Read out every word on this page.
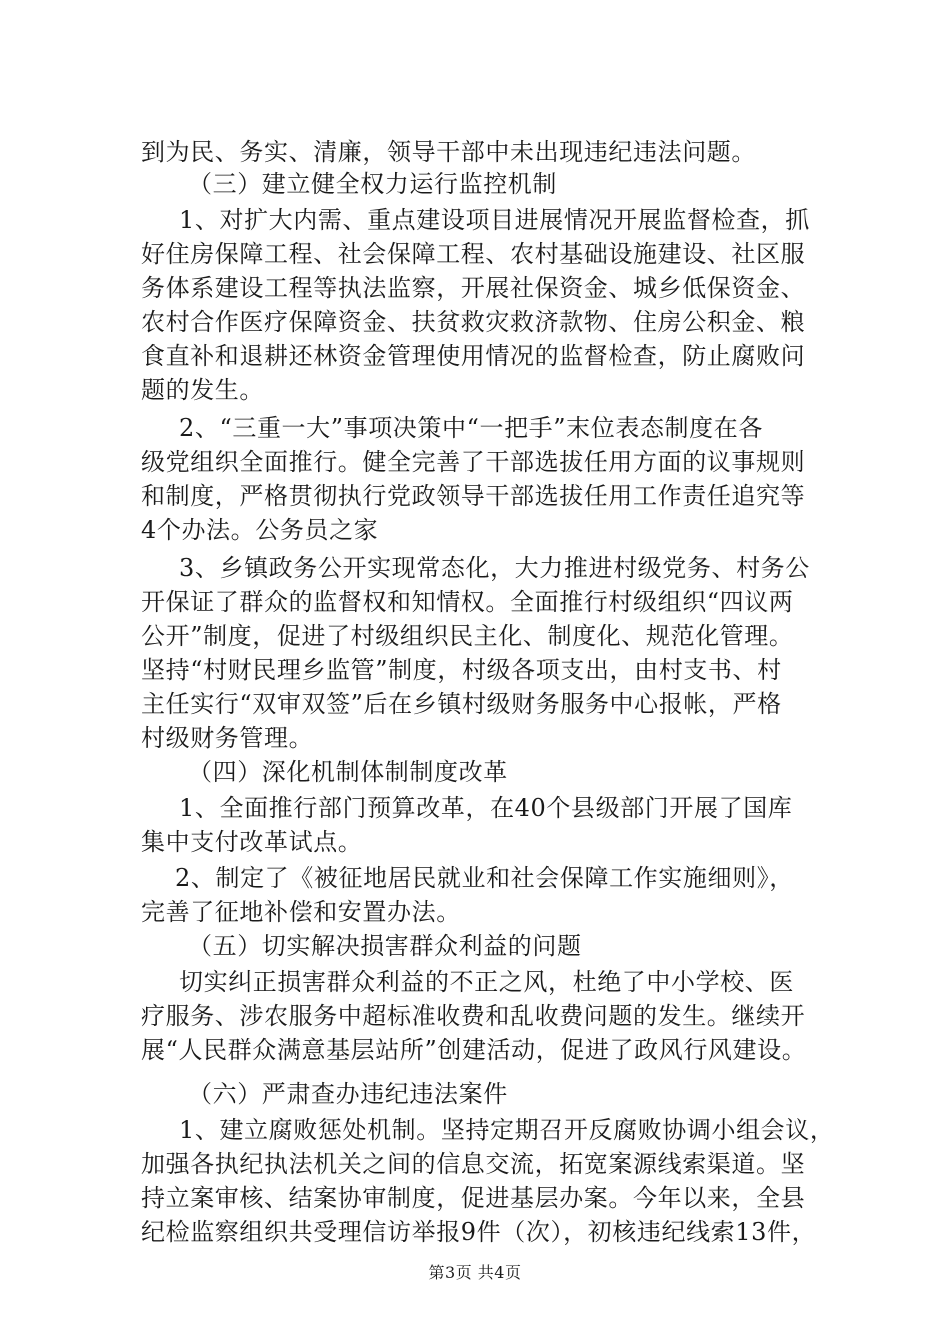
到为民、务实、清廉，领导干部中未出现违纪违法问题。
（三）建立健全权力运行监控机制
1、对扩大内需、重点建设项目进展情况开展监督检查，抓
好住房保障工程、社会保障工程、农村基础设施建设、社区服
务体系建设工程等执法监察，开展社保资金、城乡低保资金、
农村合作医疗保障资金、扶贫救灾救济款物、住房公积金、粮
食直补和退耕还林资金管理使用情况的监督检查，防止腐败问
题的发生。
2、“三重一大”事项决策中“一把手”末位表态制度在各
级党组织全面推行。健全完善了干部选拔任用方面的议事规则
和制度，严格贯彻执行党政领导干部选拔任用工作责任追究等
4个办法。公务员之家
3、乡镇政务公开实现常态化，大力推进村级党务、村务公
开保证了群众的监督权和知情权。全面推行村级组织“四议两
公开”制度，促进了村级组织民主化、制度化、规范化管理。
坚持“村财民理乡监管”制度，村级各项支出，由村支书、村
主任实行“双审双签”后在乡镇村级财务服务中心报帐，严格
村级财务管理。
（四）深化机制体制制度改革
1、全面推行部门预算改革，在40个县级部门开展了国库
集中支付改革试点。
2、制定了《被征地居民就业和社会保障工作实施细则》，
完善了征地补偿和安置办法。
（五）切实解决损害群众利益的问题
切实纠正损害群众利益的不正之风，杜绝了中小学校、医
疗服务、涉农服务中超标准收费和乱收费问题的发生。继续开
展“人民群众满意基层站所”创建活动，促进了政风行风建设。
（六）严肃查办违纪违法案件
1、建立腐败惩处机制。坚持定期召开反腐败协调小组会议，
加强各执纪执法机关之间的信息交流，拓宽案源线索渠道。坚
持立案审核、结案协审制度，促进基层办案。今年以来，全县
纪检监察组织共受理信访举报9件（次），初核违纪线索13件，
第3页 共4页
